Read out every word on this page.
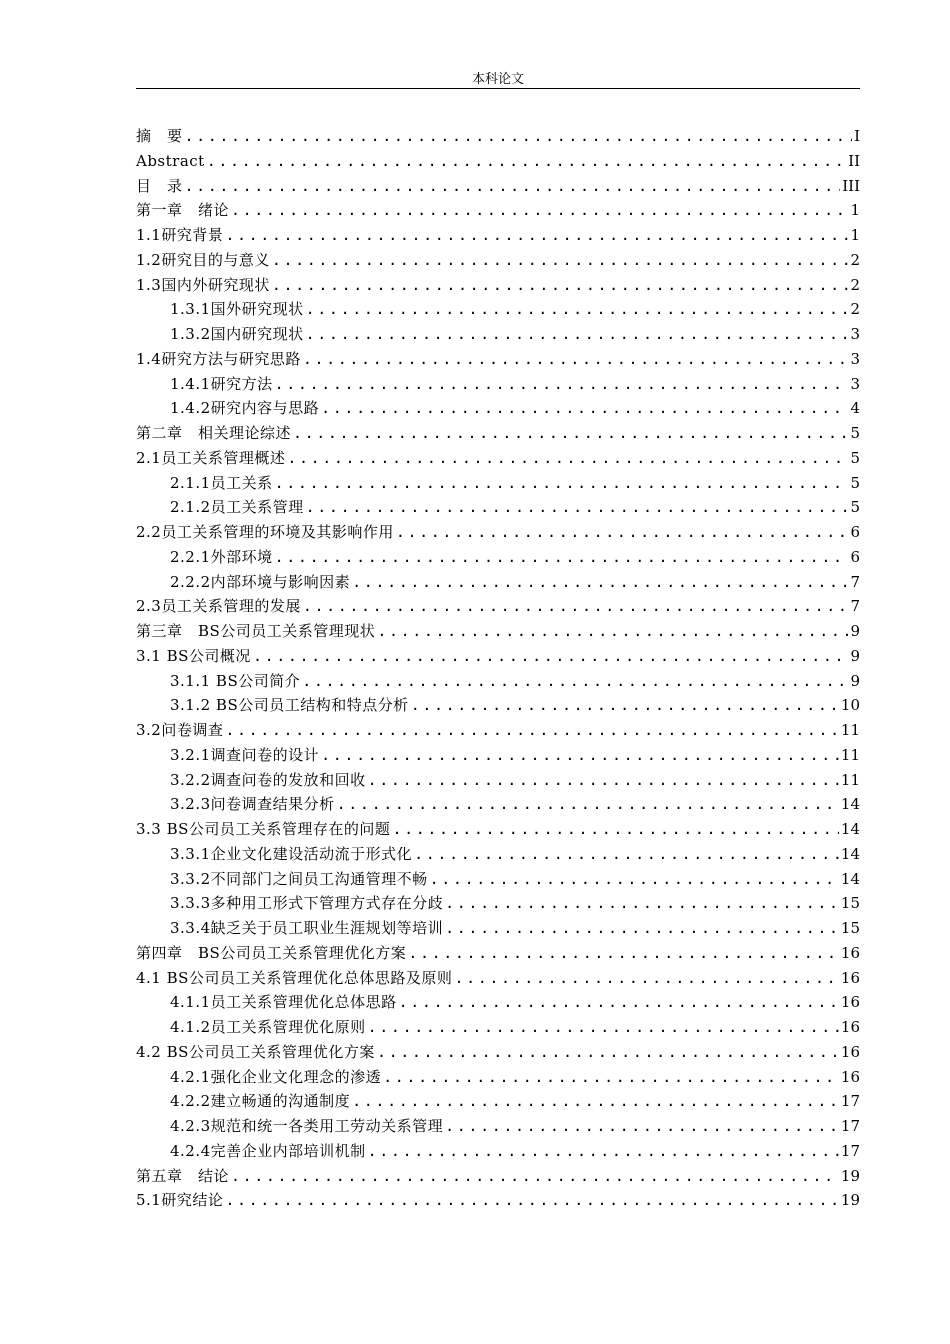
本科论文
摘　要 .....	I
Abstract .....	II
目　录 .....	III
第一章　绪论 .....	1
1.1研究背景 .....	1
1.2研究目的与意义 .....	2
1.3国内外研究现状 .....	2
1.3.1国外研究现状 .....	2
1.3.2国内研究现状 .....	3
1.4研究方法与研究思路 .....	3
1.4.1研究方法 .....	3
1.4.2研究内容与思路 .....	4
第二章　相关理论综述 .....	5
2.1员工关系管理概述 .....	5
2.1.1员工关系 .....	5
2.1.2员工关系管理 .....	5
2.2员工关系管理的环境及其影响作用 .....	6
2.2.1外部环境 .....	6
2.2.2内部环境与影响因素 .....	7
2.3员工关系管理的发展 .....	7
第三章　BS公司员工关系管理现状 .....	9
3.1 BS公司概况 .....	9
3.1.1 BS公司简介 .....	9
3.1.2 BS公司员工结构和特点分析 .....	10
3.2问卷调查 .....	11
3.2.1调查问卷的设计 .....	11
3.2.2调查问卷的发放和回收 .....	11
3.2.3问卷调查结果分析 .....	14
3.3 BS公司员工关系管理存在的问题 .....	14
3.3.1企业文化建设活动流于形式化 .....	14
3.3.2不同部门之间员工沟通管理不畅 .....	14
3.3.3多种用工形式下管理方式存在分歧 .....	15
3.3.4缺乏关于员工职业生涯规划等培训 .....	15
第四章　BS公司员工关系管理优化方案 .....	16
4.1 BS公司员工关系管理优化总体思路及原则 .....	16
4.1.1员工关系管理优化总体思路 .....	16
4.1.2员工关系管理优化原则 .....	16
4.2 BS公司员工关系管理优化方案 .....	16
4.2.1强化企业文化理念的渗透 .....	16
4.2.2建立畅通的沟通制度 .....	17
4.2.3规范和统一各类用工劳动关系管理 .....	17
4.2.4完善企业内部培训机制 .....	17
第五章　结论 .....	19
5.1研究结论 .....	19
